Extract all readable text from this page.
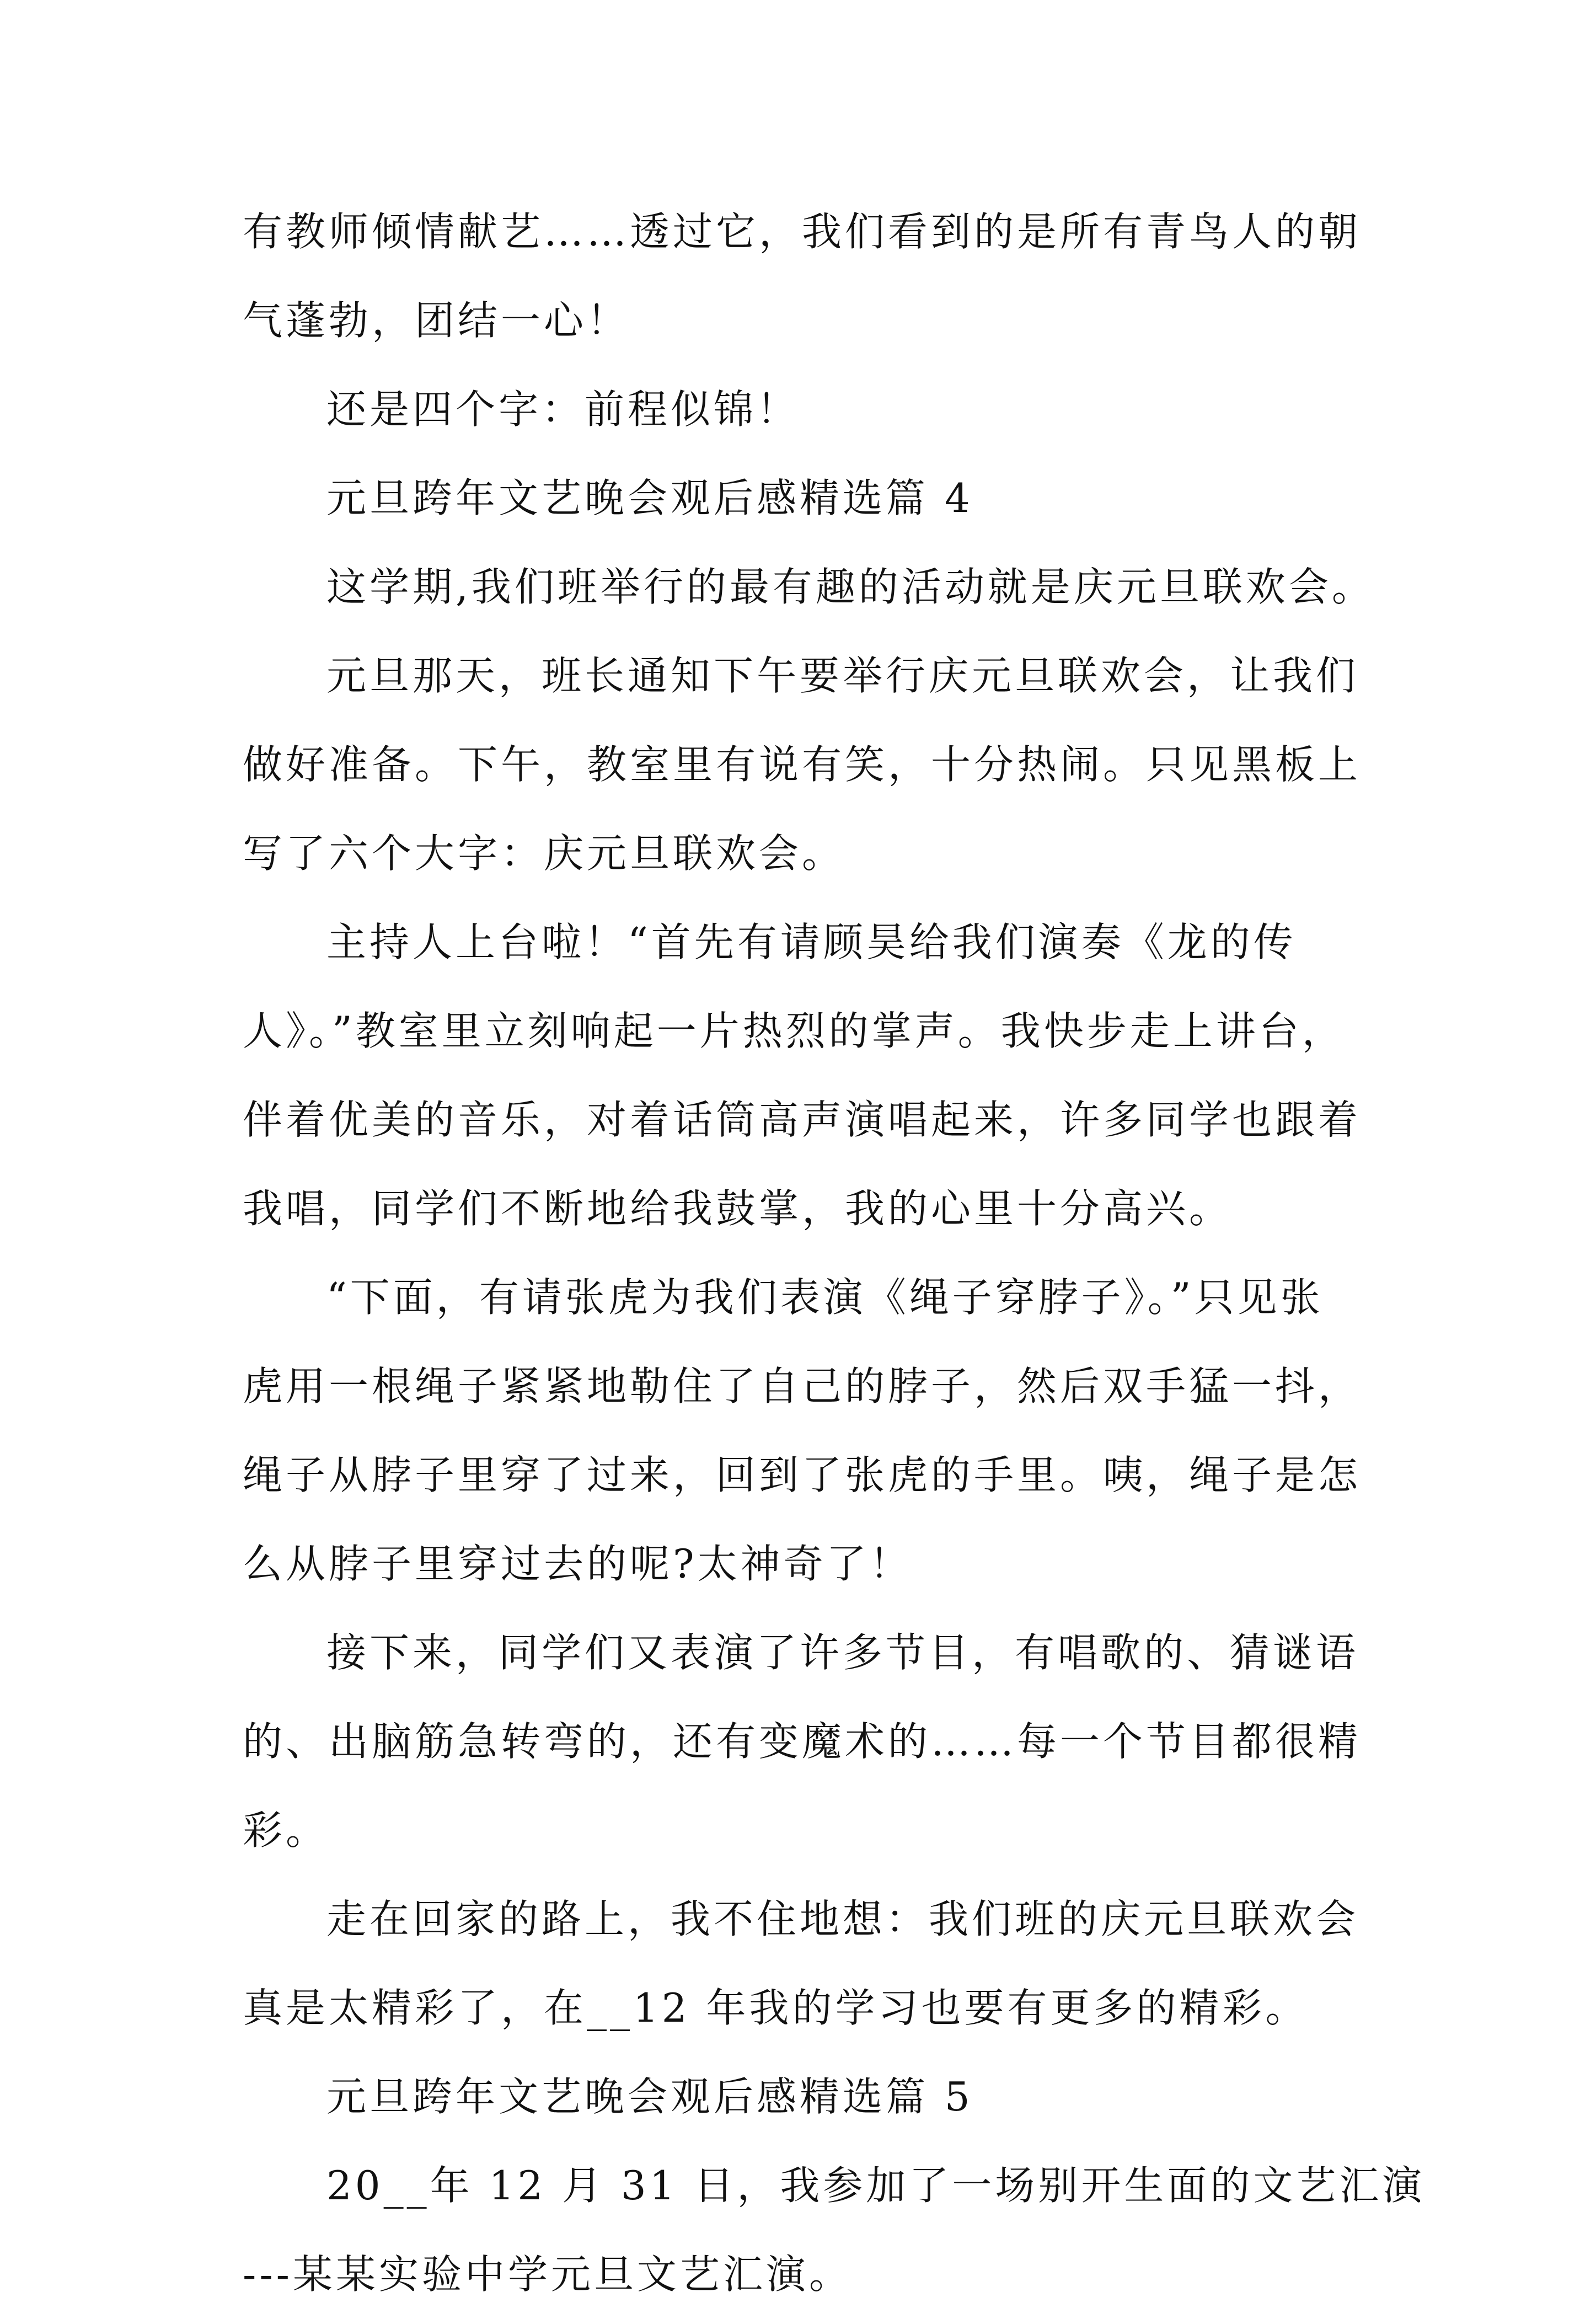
有教师倾情献艺……透过它，我们看到的是所有青鸟人的朝

气蓬勃，团结一心！

还是四个字：前程似锦！

元旦跨年文艺晚会观后感精选篇 4

这学期,我们班举行的最有趣的活动就是庆元旦联欢会。

元旦那天，班长通知下午要举行庆元旦联欢会，让我们

做好准备。下午，教室里有说有笑，十分热闹。只见黑板上

写了六个大字：庆元旦联欢会。

主持人上台啦！“首先有请顾昊给我们演奏《龙的传

人》。”教室里立刻响起一片热烈的掌声。我快步走上讲台，

伴着优美的音乐，对着话筒高声演唱起来，许多同学也跟着

我唱，同学们不断地给我鼓掌，我的心里十分高兴。

“下面，有请张虎为我们表演《绳子穿脖子》。”只见张

虎用一根绳子紧紧地勒住了自己的脖子，然后双手猛一抖，

绳子从脖子里穿了过来，回到了张虎的手里。咦，绳子是怎

么从脖子里穿过去的呢?太神奇了！

接下来，同学们又表演了许多节目，有唱歌的、猜谜语

的、出脑筋急转弯的，还有变魔术的……每一个节目都很精

彩。

走在回家的路上，我不住地想：我们班的庆元旦联欢会

真是太精彩了，在__12 年我的学习也要有更多的精彩。

元旦跨年文艺晚会观后感精选篇 5

20__年 12 月 31 日，我参加了一场别开生面的文艺汇演

---某某实验中学元旦文艺汇演。
